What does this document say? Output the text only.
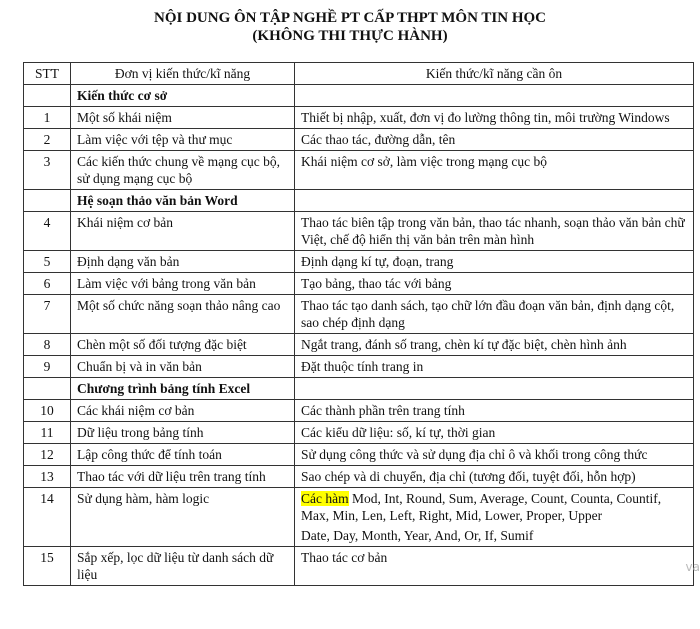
NỘI DUNG ÔN TẬP NGHỀ PT CẤP THPT MÔN TIN HỌC
(KHÔNG THI THỰC HÀNH)
STT	Đơn vị kiến thức/kĩ năng	Kiến thức/kĩ năng cần ôn
	Kiến thức cơ sở	
1	Một số khái niệm	Thiết bị nhập, xuất, đơn vị đo lường thông tin, môi trường Windows
2	Làm việc với tệp và thư mục	Các thao tác, đường dẫn, tên
3	Các kiến thức chung về mạng cục bộ, sử dụng mạng cục bộ	Khái niệm cơ sở, làm việc trong mạng cục bộ
	Hệ soạn thảo văn bản Word	
4	Khái niệm cơ bản	Thao tác biên tập trong văn bản, thao tác nhanh, soạn thảo văn bản chữ Việt, chế độ hiển thị văn bản trên màn hình
5	Định dạng văn bản	Định dạng kí tự, đoạn, trang
6	Làm việc với bảng trong văn bản	Tạo bảng, thao tác với bảng
7	Một số chức năng soạn thảo nâng cao	Thao tác tạo danh sách, tạo chữ lớn đầu đoạn văn bản, định dạng cột, sao chép định dạng
8	Chèn một số đối tượng đặc biệt	Ngắt trang, đánh số trang, chèn kí tự đặc biệt, chèn hình ảnh
9	Chuẩn bị và in văn bản	Đặt thuộc tính trang in
	Chương trình bảng tính Excel	
10	Các khái niệm cơ bản	Các thành phần trên trang tính
11	Dữ liệu trong bảng tính	Các kiểu dữ liệu: số, kí tự, thời gian
12	Lập công thức để tính toán	Sử dụng công thức và sử dụng địa chỉ ô và khối trong công thức
13	Thao tác với dữ liệu trên trang tính	Sao chép và di chuyển, địa chỉ (tương đối, tuyệt đối, hỗn hợp)
14	Sử dụng hàm, hàm logic	Các hàm Mod, Int, Round, Sum, Average, Count, Counta, Countif, Max, Min, Len, Left, Right, Mid, Lower, Proper, Upper
Date, Day, Month, Year, And, Or, If, Sumif

15	Sắp xếp, lọc dữ liệu từ danh sách dữ liệu	Thao tác cơ bản
va
